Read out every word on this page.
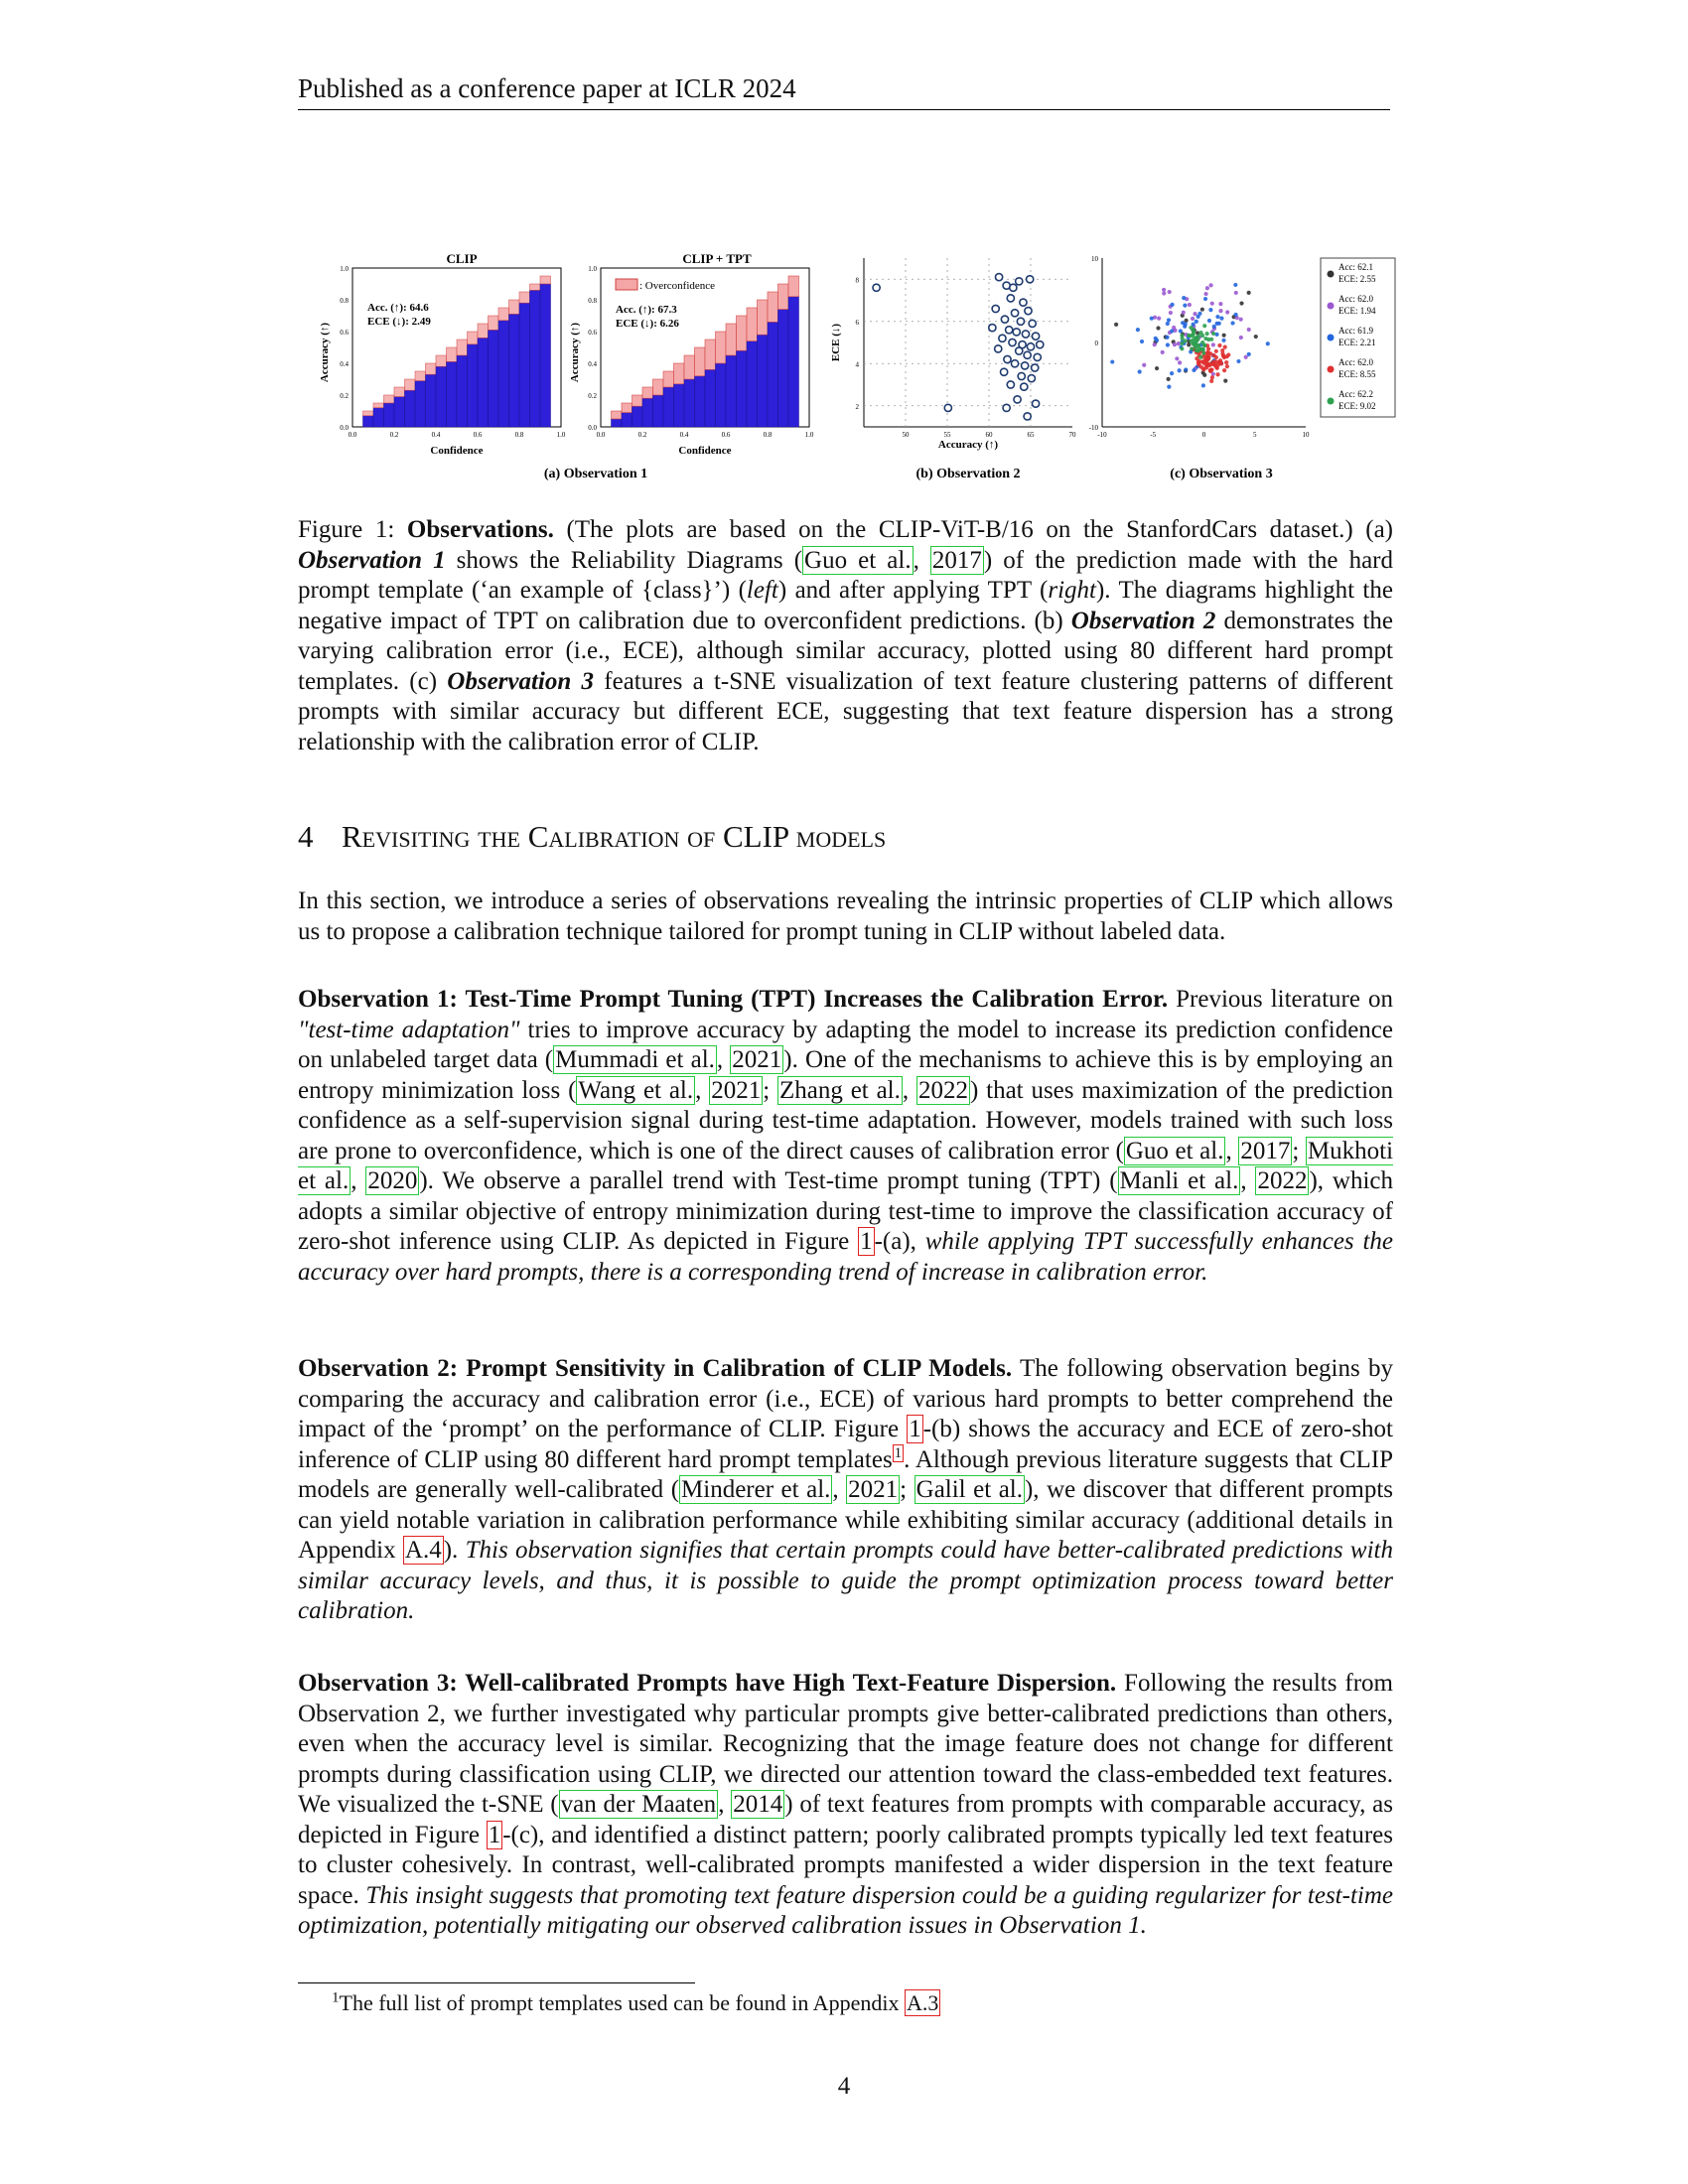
Published as a conference paper at ICLR 2024
CLIP
0.0
0.0
0.2
0.2
0.4
0.4
0.6
0.6
0.8
0.8
1.0
1.0
Acc. (↑): 64.6
ECE (↓): 2.49
Confidence
Accuracy (↑)
CLIP + TPT
0.0
0.0
0.2
0.2
0.4
0.4
0.6
0.6
0.8
0.8
1.0
1.0
: Overconfidence
Acc. (↑): 67.3
ECE (↓): 6.26
Confidence
Accuracy (↑)
(a) Observation 1
50	55	60	65	70
2
4
6
8
Accuracy (↑)
ECE (↓)
(b) Observation 2
-10	-5	0	5	10
-10
0
10
Acc: 62.1
ECE: 2.55
Acc: 62.0
ECE: 1.94
Acc: 61.9
ECE: 2.21
Acc: 62.0
ECE: 8.55
Acc: 62.2
ECE: 9.02
(c) Observation 3
Figure 1: Observations. (The plots are based on the CLIP-ViT-B/16 on the StanfordCars dataset.) (a) Observation 1 shows the Reliability Diagrams (Guo et al., 2017) of the prediction made with the hard prompt template (‘an example of {class}’) (left) and after applying TPT (right). The diagrams highlight the negative impact of TPT on calibration due to overconfident predictions. (b) Observation 2 demonstrates the varying calibration error (i.e., ECE), although similar accuracy, plotted using 80 different hard prompt templates. (c) Observation 3 features a t-SNE visualization of text feature clustering patterns of different prompts with similar accuracy but different ECE, suggesting that text feature dispersion has a strong relationship with the calibration error of CLIP.
4 Revisiting the Calibration of CLIP models
In this section, we introduce a series of observations revealing the intrinsic properties of CLIP which allows us to propose a calibration technique tailored for prompt tuning in CLIP without labeled data.
Observation 1: Test-Time Prompt Tuning (TPT) Increases the Calibration Error. Previous literature on "test-time adaptation" tries to improve accuracy by adapting the model to increase its prediction confidence on unlabeled target data (Mummadi et al., 2021). One of the mechanisms to achieve this is by employing an entropy minimization loss (Wang et al., 2021; Zhang et al., 2022) that uses maximization of the prediction confidence as a self-supervision signal during test-time adaptation. However, models trained with such loss are prone to overconfidence, which is one of the direct causes of calibration error (Guo et al., 2017; Mukhoti et al., 2020). We observe a parallel trend with Test-time prompt tuning (TPT) (Manli et al., 2022), which adopts a similar objective of entropy minimization during test-time to improve the classification accuracy of zero-shot inference using CLIP. As depicted in Figure 1-(a), while applying TPT successfully enhances the accuracy over hard prompts, there is a corresponding trend of increase in calibration error.
Observation 2: Prompt Sensitivity in Calibration of CLIP Models. The following observation begins by comparing the accuracy and calibration error (i.e., ECE) of various hard prompts to better comprehend the impact of the ‘prompt’ on the performance of CLIP. Figure 1-(b) shows the accuracy and ECE of zero-shot inference of CLIP using 80 different hard prompt templates $^1$. Although previous literature suggests that CLIP models are generally well-calibrated (Minderer et al., 2021; Galil et al.), we discover that different prompts can yield notable variation in calibration performance while exhibiting similar accuracy (additional details in Appendix A.4). This observation signifies that certain prompts could have better-calibrated predictions with similar accuracy levels, and thus, it is possible to guide the prompt optimization process toward better calibration.
Observation 3: Well-calibrated Prompts have High Text-Feature Dispersion. Following the results from Observation 2, we further investigated why particular prompts give better-calibrated predictions than others, even when the accuracy level is similar. Recognizing that the image feature does not change for different prompts during classification using CLIP, we directed our attention toward the class-embedded text features. We visualized the t-SNE (van der Maaten, 2014) of text features from prompts with comparable accuracy, as depicted in Figure 1-(c), and identified a distinct pattern; poorly calibrated prompts typically led text features to cluster cohesively. In contrast, well-calibrated prompts manifested a wider dispersion in the text feature space. This insight suggests that promoting text feature dispersion could be a guiding regularizer for test-time optimization, potentially mitigating our observed calibration issues in Observation 1.
$^1$The full list of prompt templates used can be found in Appendix A.3
4
